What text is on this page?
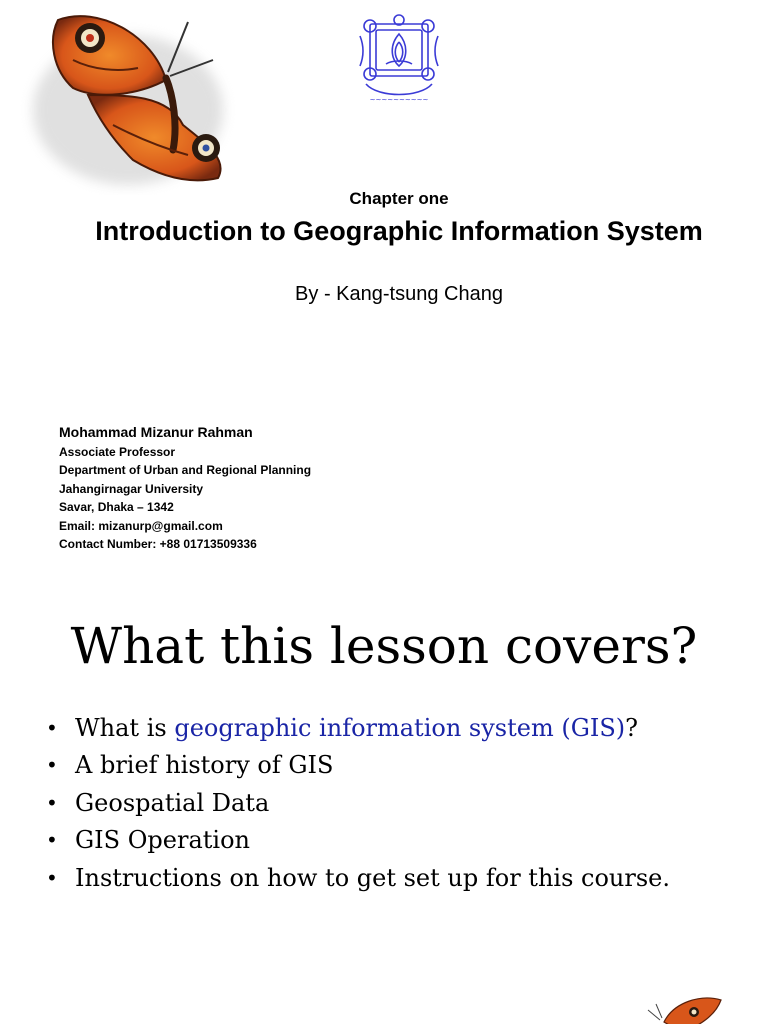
~~~~~~~~~~
Chapter one
Introduction to Geographic Information System
By - Kang-tsung Chang
Mohammad Mizanur Rahman
Associate Professor
Department of Urban and Regional Planning
Jahangirnagar University
Savar, Dhaka – 1342
Email: mizanurp@gmail.com
Contact Number: +88 01713509336
What this lesson covers?
• What is geographic information system (GIS)?
• A brief history of GIS
• Geospatial Data
• GIS Operation
• Instructions on how to get set up for this course.
